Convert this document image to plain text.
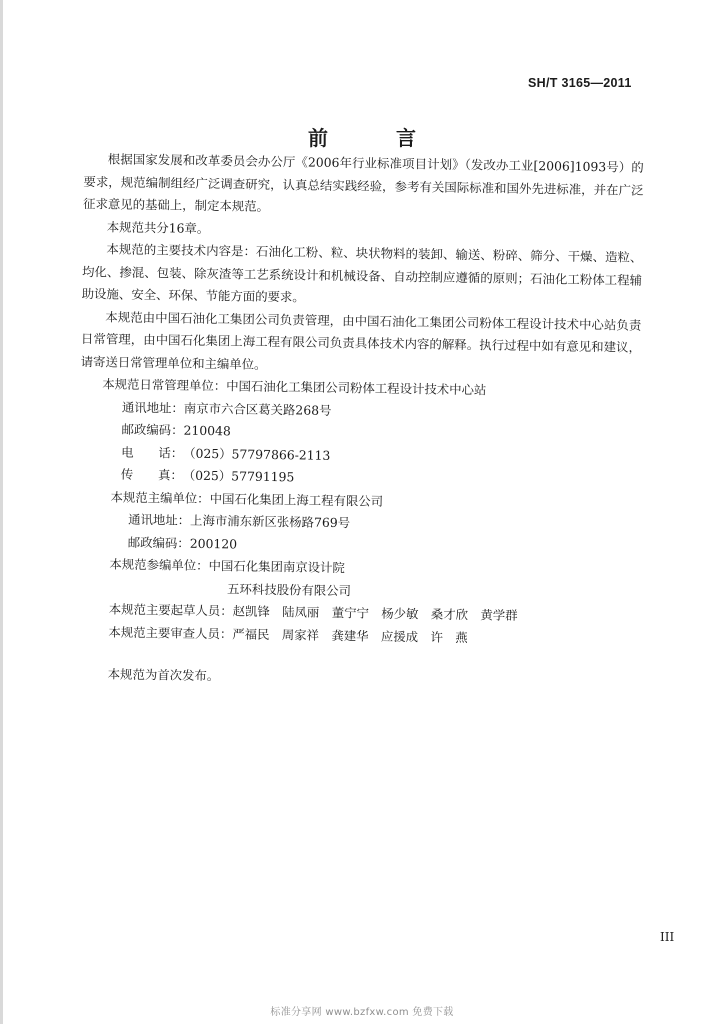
SH/T 3165—2011
前　言

根据国家发展和改革委员会办公厅《2006年行业标准项目计划》（发改办工业[2006]1093号）的要求，规范编制组经广泛调查研究，认真总结实践经验，参考有关国际标准和国外先进标准，并在广泛征求意见的基础上，制定本规范。

本规范共分16章。

本规范的主要技术内容是：石油化工粉、粒、块状物料的装卸、输送、粉碎、筛分、干燥、造粒、均化、掺混、包装、除灰渣等工艺系统设计和机械设备、自动控制应遵循的原则；石油化工粉体工程辅助设施、安全、环保、节能方面的要求。

本规范由中国石油化工集团公司负责管理，由中国石油化工集团公司粉体工程设计技术中心站负责日常管理，由中国石化集团上海工程有限公司负责具体技术内容的解释。执行过程中如有意见和建议，请寄送日常管理单位和主编单位。

本规范日常管理单位： 中国石油化工集团公司粉体工程设计技术中心站
通讯地址： 南京市六合区葛关路268号
邮政编码： 210048
电　　话： （025）57797866-2113
传　　真： （025）57791195
本规范主编单位： 中国石化集团上海工程有限公司
通讯地址： 上海市浦东新区张杨路769号
邮政编码： 200120
本规范参编单位： 中国石化集团南京设计院
五环科技股份有限公司
本规范主要起草人员： 赵凯锋　陆凤丽　董宁宁　杨少敏　桑才欣　黄学群
本规范主要审查人员： 严福民　周家祥　龚建华　应援成　许　燕
本规范为首次发布。
III
标准分享网 www.bzfxw.com 免费下载
